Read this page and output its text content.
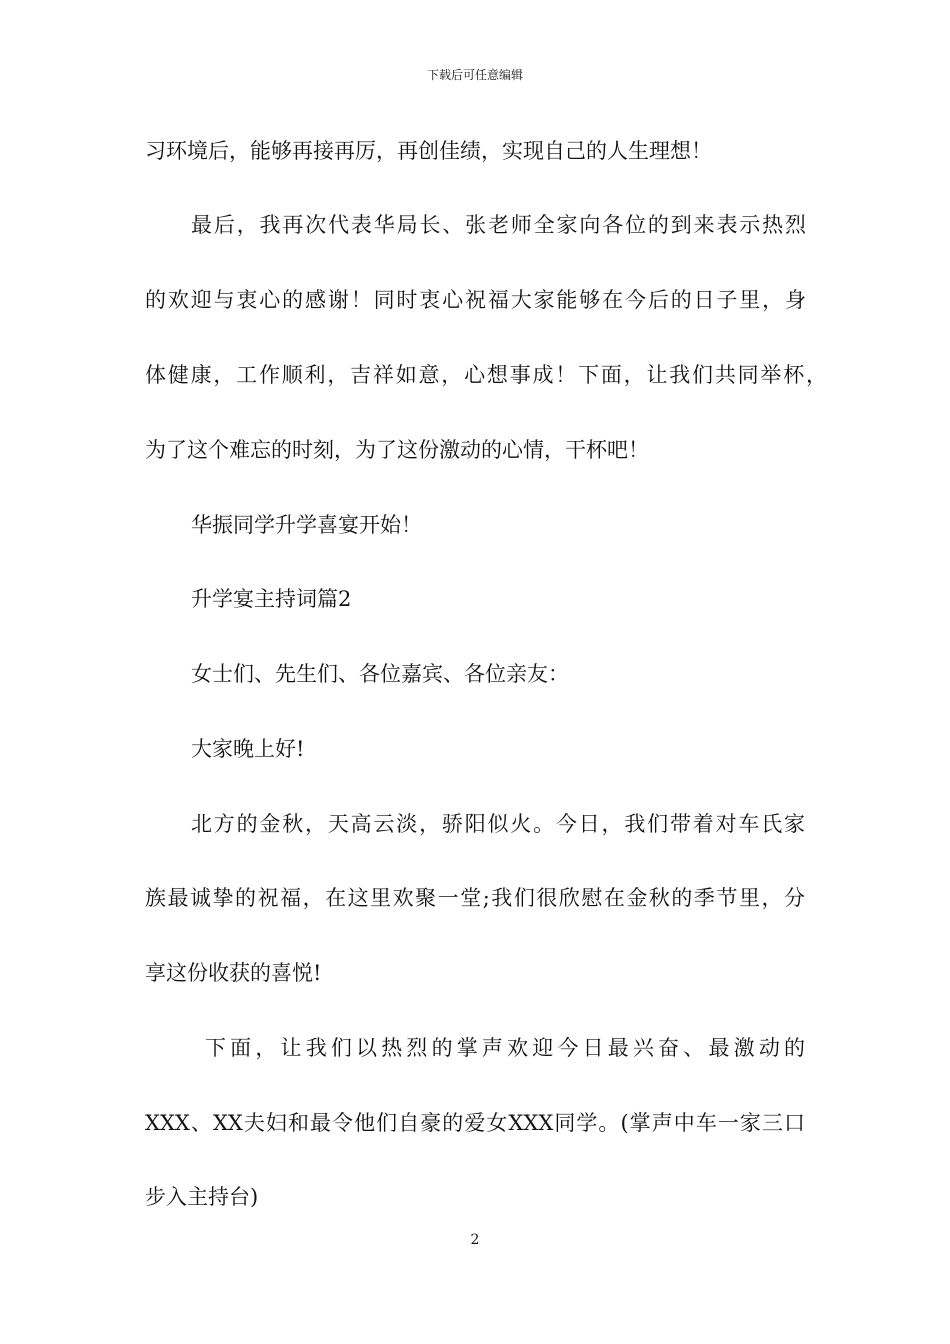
下载后可任意编辑
习环境后，能够再接再厉，再创佳绩，实现自己的人生理想！
最后，我再次代表华局长、张老师全家向各位的到来表示热烈
的欢迎与衷心的感谢！同时衷心祝福大家能够在今后的日子里，身
体健康，工作顺利，吉祥如意，心想事成！下面，让我们共同举杯，
为了这个难忘的时刻，为了这份激动的心情，干杯吧！
华振同学升学喜宴开始！
升学宴主持词篇2
女士们、先生们、各位嘉宾、各位亲友：
大家晚上好!
北方的金秋，天高云淡，骄阳似火。今日，我们带着对车氏家
族最诚挚的祝福，在这里欢聚一堂;我们很欣慰在金秋的季节里，分
享这份收获的喜悦!
下面，让我们以热烈的掌声欢迎今日最兴奋、最激动的
XXX、XX夫妇和最令他们自豪的爱女XXX同学。(掌声中车一家三口
步入主持台)
2
